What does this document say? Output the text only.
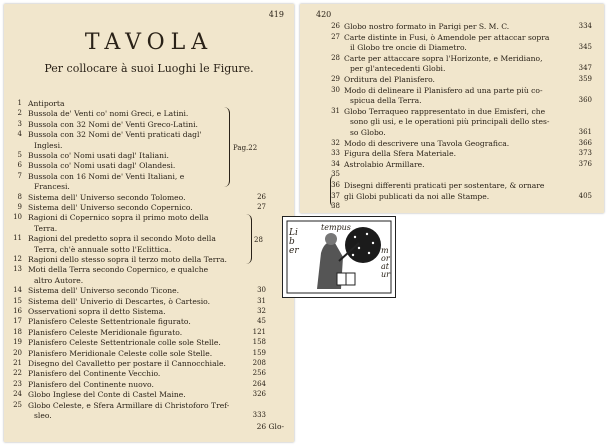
419
TAVOLA
Per collocare à suoi Luoghi le Figure.
1 Antiporta
2 Bussola de' Venti co' nomi Greci, e Latini.
3 Bussola con 32 Nomi de' Venti Greco-Latini.
4 Bussola con 32 Nomi de' Venti praticati dagl'
Inglesi.
5 Bussola co' Nomi usati dagl' Italiani.
6 Bussola co' Nomi usati dagl' Olandesi.
7 Bussola con 16 Nomi de' Venti Italiani, e
Francesi.
8 Sistema dell' Universo secondo Tolomeo.	26
9 Sistema dell' Universo secondo Copernico.	27
10 Ragioni di Copernico sopra il primo moto della
Terra.
11 Ragioni del predetto sopra il secondo Moto della
Terra, ch'è annuale sotto l'Eclittica.
12 Ragioni dello stesso sopra il terzo moto della Terra.
13 Moti della Terra secondo Copernico, e qualche
altro Autore.
14 Sistema dell' Universo secondo Ticone.	30
15 Sistema dell' Univerio di Descartes, ò Cartesio.	31
16 Osservationi sopra il detto Sistema.	32
17 Planisfero Celeste Settentrionale figurato.	45
18 Planisfero Celeste Meridionale figurato.	121
19 Planisfero Celeste Settentrionale colle sole Stelle.	158
20 Planisfero Meridionale Celeste colle sole Stelle.	159
21 Disegno del Cavalletto per postare il Cannocchiale.	208
22 Planisfero del Continente Vecchio.	256
23 Planisfero del Continente nuovo.	264
24 Globo Inglese del Conte di Castel Maine.	326
25 Globo Celeste, e Sfera Armillare di Christoforo Tref-
sleo.	333
Pag.22
28
26 Glo-
420
26 Globo nostro formato in Parigi per S. M. C.	334
27 Carte distinte in Fusi, ò Amendole per attaccar sopra
il Globo tre oncie di Diametro.	345
28 Carte per attaccare sopra l'Horizonte, e Meridiano,
per gl'antecedenti Globi.	347
29 Orditura del Planisfero.	359
30 Modo di delineare il Planisfero ad una parte più co-
spicua della Terra.	360
31 Globo Terraqueo rappresentato in due Emisferi, che
sono gli usi, e le operationi più principali dello stes-
so Globo.	361
32 Modo di descrivere una Tavola Geografica.	366
33 Figura della Sfera Materiale.	373
34 Astrolabio Armillare.	376
35
36 Disegni differenti praticati per sostentare, & ornare
37 gli Globi publicati da noi alle Stampe.	405
38
Liber
tempus
moratur
